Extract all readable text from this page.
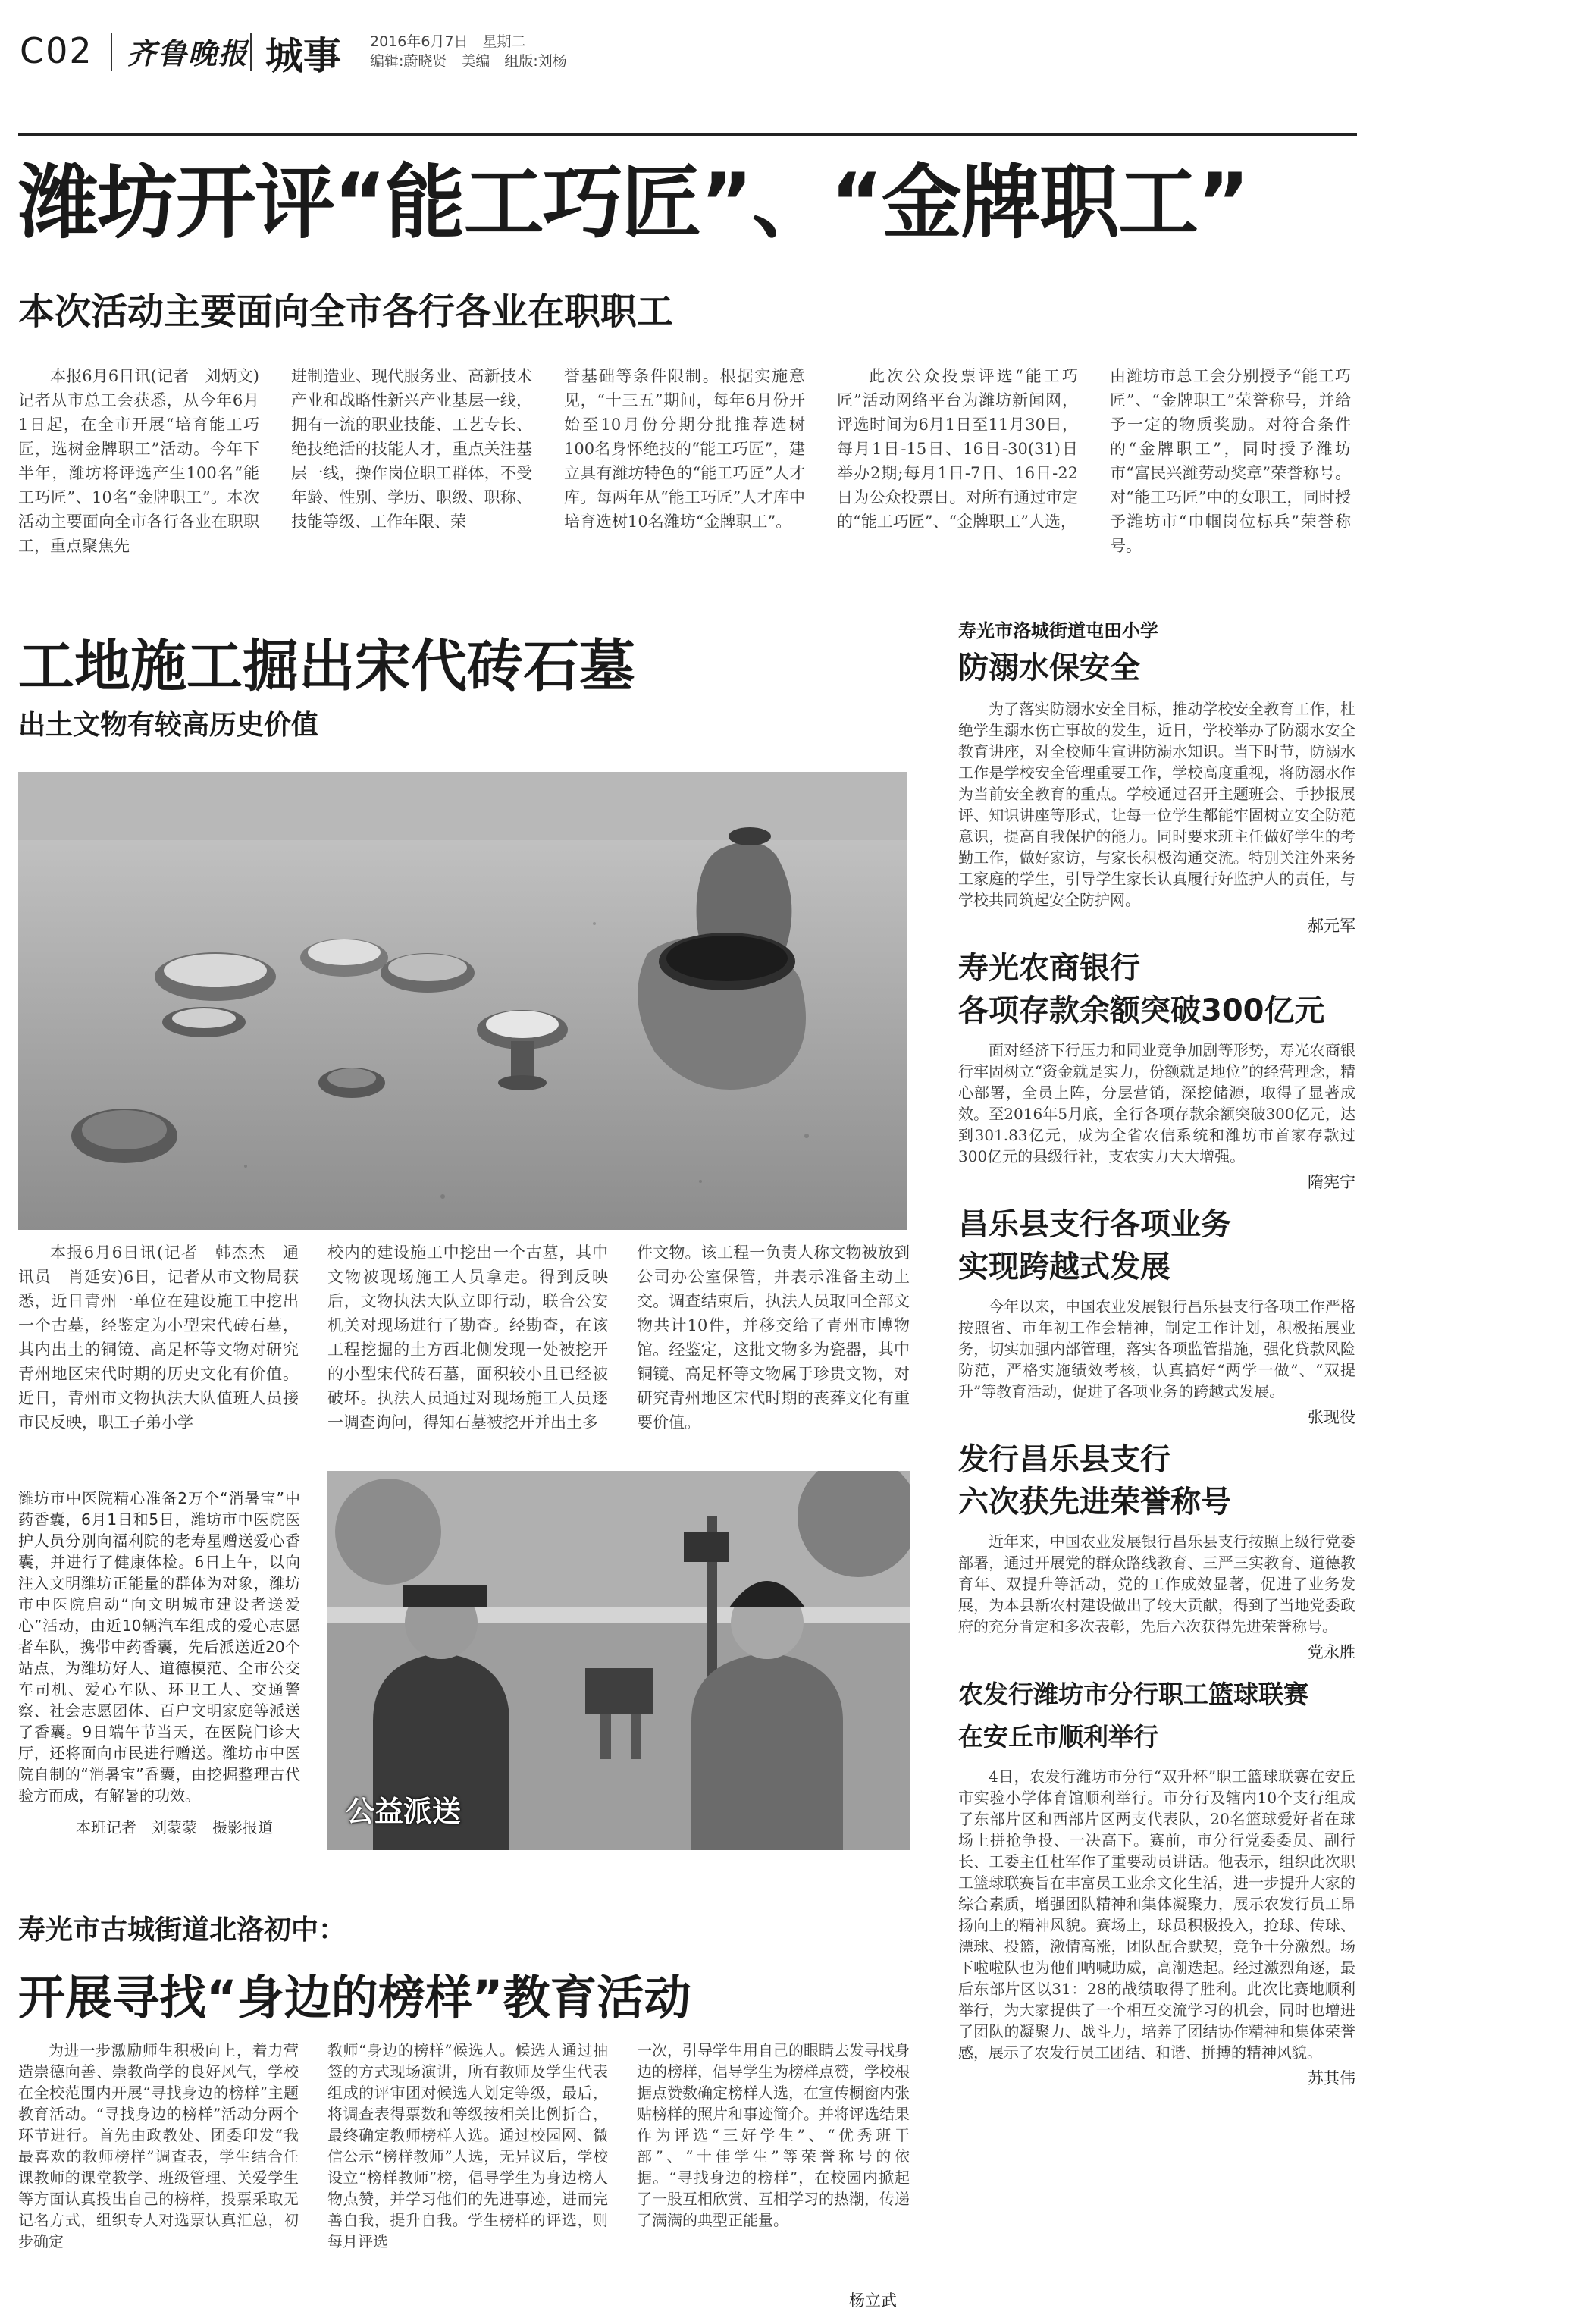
C02 齐鲁晚报 城事 2016年6月7日　星期二
编辑:蔚晓贤　美编　组版:刘杨
潍坊开评“能工巧匠”、“金牌职工”
本次活动主要面向全市各行各业在职职工
本报6月6日讯(记者　刘炳文)记者从市总工会获悉，从今年6月1日起，在全市开展“培育能工巧匠，选树金牌职工”活动。今年下半年，潍坊将评选产生100名“能工巧匠”、10名“金牌职工”。本次活动主要面向全市各行各业在职职工，重点聚焦先
进制造业、现代服务业、高新技术产业和战略性新兴产业基层一线，拥有一流的职业技能、工艺专长、绝技绝活的技能人才，重点关注基层一线，操作岗位职工群体，不受年龄、性别、学历、职级、职称、技能等级、工作年限、荣
誉基础等条件限制。根据实施意见，“十三五”期间，每年6月份开始至10月份分期分批推荐选树100名身怀绝技的“能工巧匠”，建立具有潍坊特色的“能工巧匠”人才库。每两年从“能工巧匠”人才库中培育选树10名潍坊“金牌职工”。
此次公众投票评选“能工巧匠”活动网络平台为潍坊新闻网，评选时间为6月1日至11月30日，每月1日-15日、16日-30(31)日举办2期;每月1日-7日、16日-22日为公众投票日。对所有通过审定的“能工巧匠”、“金牌职工”人选，
由潍坊市总工会分别授予“能工巧匠”、“金牌职工”荣誉称号，并给予一定的物质奖励。对符合条件的“金牌职工”，同时授予潍坊市“富民兴潍劳动奖章”荣誉称号。对“能工巧匠”中的女职工，同时授予潍坊市“巾帼岗位标兵”荣誉称号。
工地施工掘出宋代砖石墓
出土文物有较高历史价值
本报6月6日讯(记者　韩杰杰　通讯员　肖延安)6日，记者从市文物局获悉，近日青州一单位在建设施工中挖出一个古墓，经鉴定为小型宋代砖石墓，其内出土的铜镜、高足杯等文物对研究青州地区宋代时期的历史文化有价值。近日，青州市文物执法大队值班人员接市民反映，职工子弟小学
校内的建设施工中挖出一个古墓，其中文物被现场施工人员拿走。得到反映后，文物执法大队立即行动，联合公安机关对现场进行了勘查。经勘查，在该工程挖掘的土方西北侧发现一处被挖开的小型宋代砖石墓，面积较小且已经被破坏。执法人员通过对现场施工人员逐一调查询问，得知石墓被挖开并出土多
件文物。该工程一负责人称文物被放到公司办公室保管，并表示准备主动上交。调查结束后，执法人员取回全部文物共计10件，并移交给了青州市博物馆。经鉴定，这批文物多为瓷器，其中铜镜、高足杯等文物属于珍贵文物，对研究青州地区宋代时期的丧葬文化有重要价值。
潍坊市中医院精心准备2万个“消暑宝”中药香囊，6月1日和5日，潍坊市中医院医护人员分别向福利院的老寿星赠送爱心香囊，并进行了健康体检。6日上午，以向注入文明潍坊正能量的群体为对象，潍坊市中医院启动“向文明城市建设者送爱心”活动，由近10辆汽车组成的爱心志愿者车队，携带中药香囊，先后派送近20个站点，为潍坊好人、道德模范、全市公交车司机、爱心车队、环卫工人、交通警察、社会志愿团体、百户文明家庭等派送了香囊。9日端午节当天，在医院门诊大厅，还将面向市民进行赠送。潍坊市中医院自制的“消暑宝”香囊，由挖掘整理古代验方而成，有解暑的功效。
本班记者　刘蒙蒙　摄影报道	公益派送
寿光市洛城街道屯田小学
防溺水保安全

为了落实防溺水安全目标，推动学校安全教育工作，杜绝学生溺水伤亡事故的发生，近日，学校举办了防溺水安全教育讲座，对全校师生宣讲防溺水知识。当下时节，防溺水工作是学校安全管理重要工作，学校高度重视，将防溺水作为当前安全教育的重点。学校通过召开主题班会、手抄报展评、知识讲座等形式，让每一位学生都能牢固树立安全防范意识，提高自我保护的能力。同时要求班主任做好学生的考勤工作，做好家访，与家长积极沟通交流。特别关注外来务工家庭的学生，引导学生家长认真履行好监护人的责任，与学校共同筑起安全防护网。

郝元军
寿光农商银行
各项存款余额突破300亿元

面对经济下行压力和同业竞争加剧等形势，寿光农商银行牢固树立“资金就是实力，份额就是地位”的经营理念，精心部署，全员上阵，分层营销，深挖储源，取得了显著成效。至2016年5月底，全行各项存款余额突破300亿元，达到301.83亿元，成为全省农信系统和潍坊市首家存款过300亿元的县级行社，支农实力大大增强。

隋宪宁
昌乐县支行各项业务
实现跨越式发展

今年以来，中国农业发展银行昌乐县支行各项工作严格按照省、市年初工作会精神，制定工作计划，积极拓展业务，切实加强内部管理，落实各项监管措施，强化贷款风险防范，严格实施绩效考核，认真搞好“两学一做”、“双提升”等教育活动，促进了各项业务的跨越式发展。

张现役
发行昌乐县支行
六次获先进荣誉称号

近年来，中国农业发展银行昌乐县支行按照上级行党委部署，通过开展党的群众路线教育、三严三实教育、道德教育年、双提升等活动，党的工作成效显著，促进了业务发展，为本县新农村建设做出了较大贡献，得到了当地党委政府的充分肯定和多次表彰，先后六次获得先进荣誉称号。

党永胜
农发行潍坊市分行职工篮球联赛
在安丘市顺利举行

4日，农发行潍坊市分行“双升杯”职工篮球联赛在安丘市实验小学体育馆顺利举行。市分行及辖内10个支行组成了东部片区和西部片区两支代表队，20名篮球爱好者在球场上拼抢争投、一决高下。赛前，市分行党委委员、副行长、工委主任杜军作了重要动员讲话。他表示，组织此次职工篮球联赛旨在丰富员工业余文化生活，进一步提升大家的综合素质，增强团队精神和集体凝聚力，展示农发行员工昂扬向上的精神风貌。赛场上，球员积极投入，抢球、传球、漂球、投篮，激情高涨，团队配合默契，竞争十分激烈。场下啦啦队也为他们呐喊助威，高潮迭起。经过激烈角逐，最后东部片区以31：28的战绩取得了胜利。此次比赛地顺利举行，为大家提供了一个相互交流学习的机会，同时也增进了团队的凝聚力、战斗力，培养了团结协作精神和集体荣誉感，展示了农发行员工团结、和谐、拼搏的精神风貌。

苏其伟
寿光市古城街道北洛初中：
开展寻找“身边的榜样”教育活动
为进一步激励师生积极向上，着力营造崇德向善、崇教尚学的良好风气，学校在全校范围内开展“寻找身边的榜样”主题教育活动。“寻找身边的榜样”活动分两个环节进行。首先由政教处、团委印发“我最喜欢的教师榜样”调查表，学生结合任课教师的课堂教学、班级管理、关爱学生等方面认真投出自己的榜样，投票采取无记名方式，组织专人对选票认真汇总，初步确定
教师“身边的榜样”候选人。候选人通过抽签的方式现场演讲，所有教师及学生代表组成的评审团对候选人划定等级，最后，将调查表得票数和等级按相关比例折合，最终确定教师榜样人选。通过校园网、微信公示“榜样教师”人选，无异议后，学校设立“榜样教师”榜，倡导学生为身边榜人物点赞，并学习他们的先进事迹，进而完善自我，提升自我。学生榜样的评选，则每月评选
一次，引导学生用自己的眼睛去发寻找身边的榜样，倡导学生为榜样点赞，学校根据点赞数确定榜样人选，在宣传橱窗内张贴榜样的照片和事迹简介。并将评选结果作为评选“三好学生”、“优秀班干部”、“十佳学生”等荣誉称号的依据。“寻找身边的榜样”，在校园内掀起了一股互相欣赏、互相学习的热潮，传递了满满的典型正能量。
杨立武
